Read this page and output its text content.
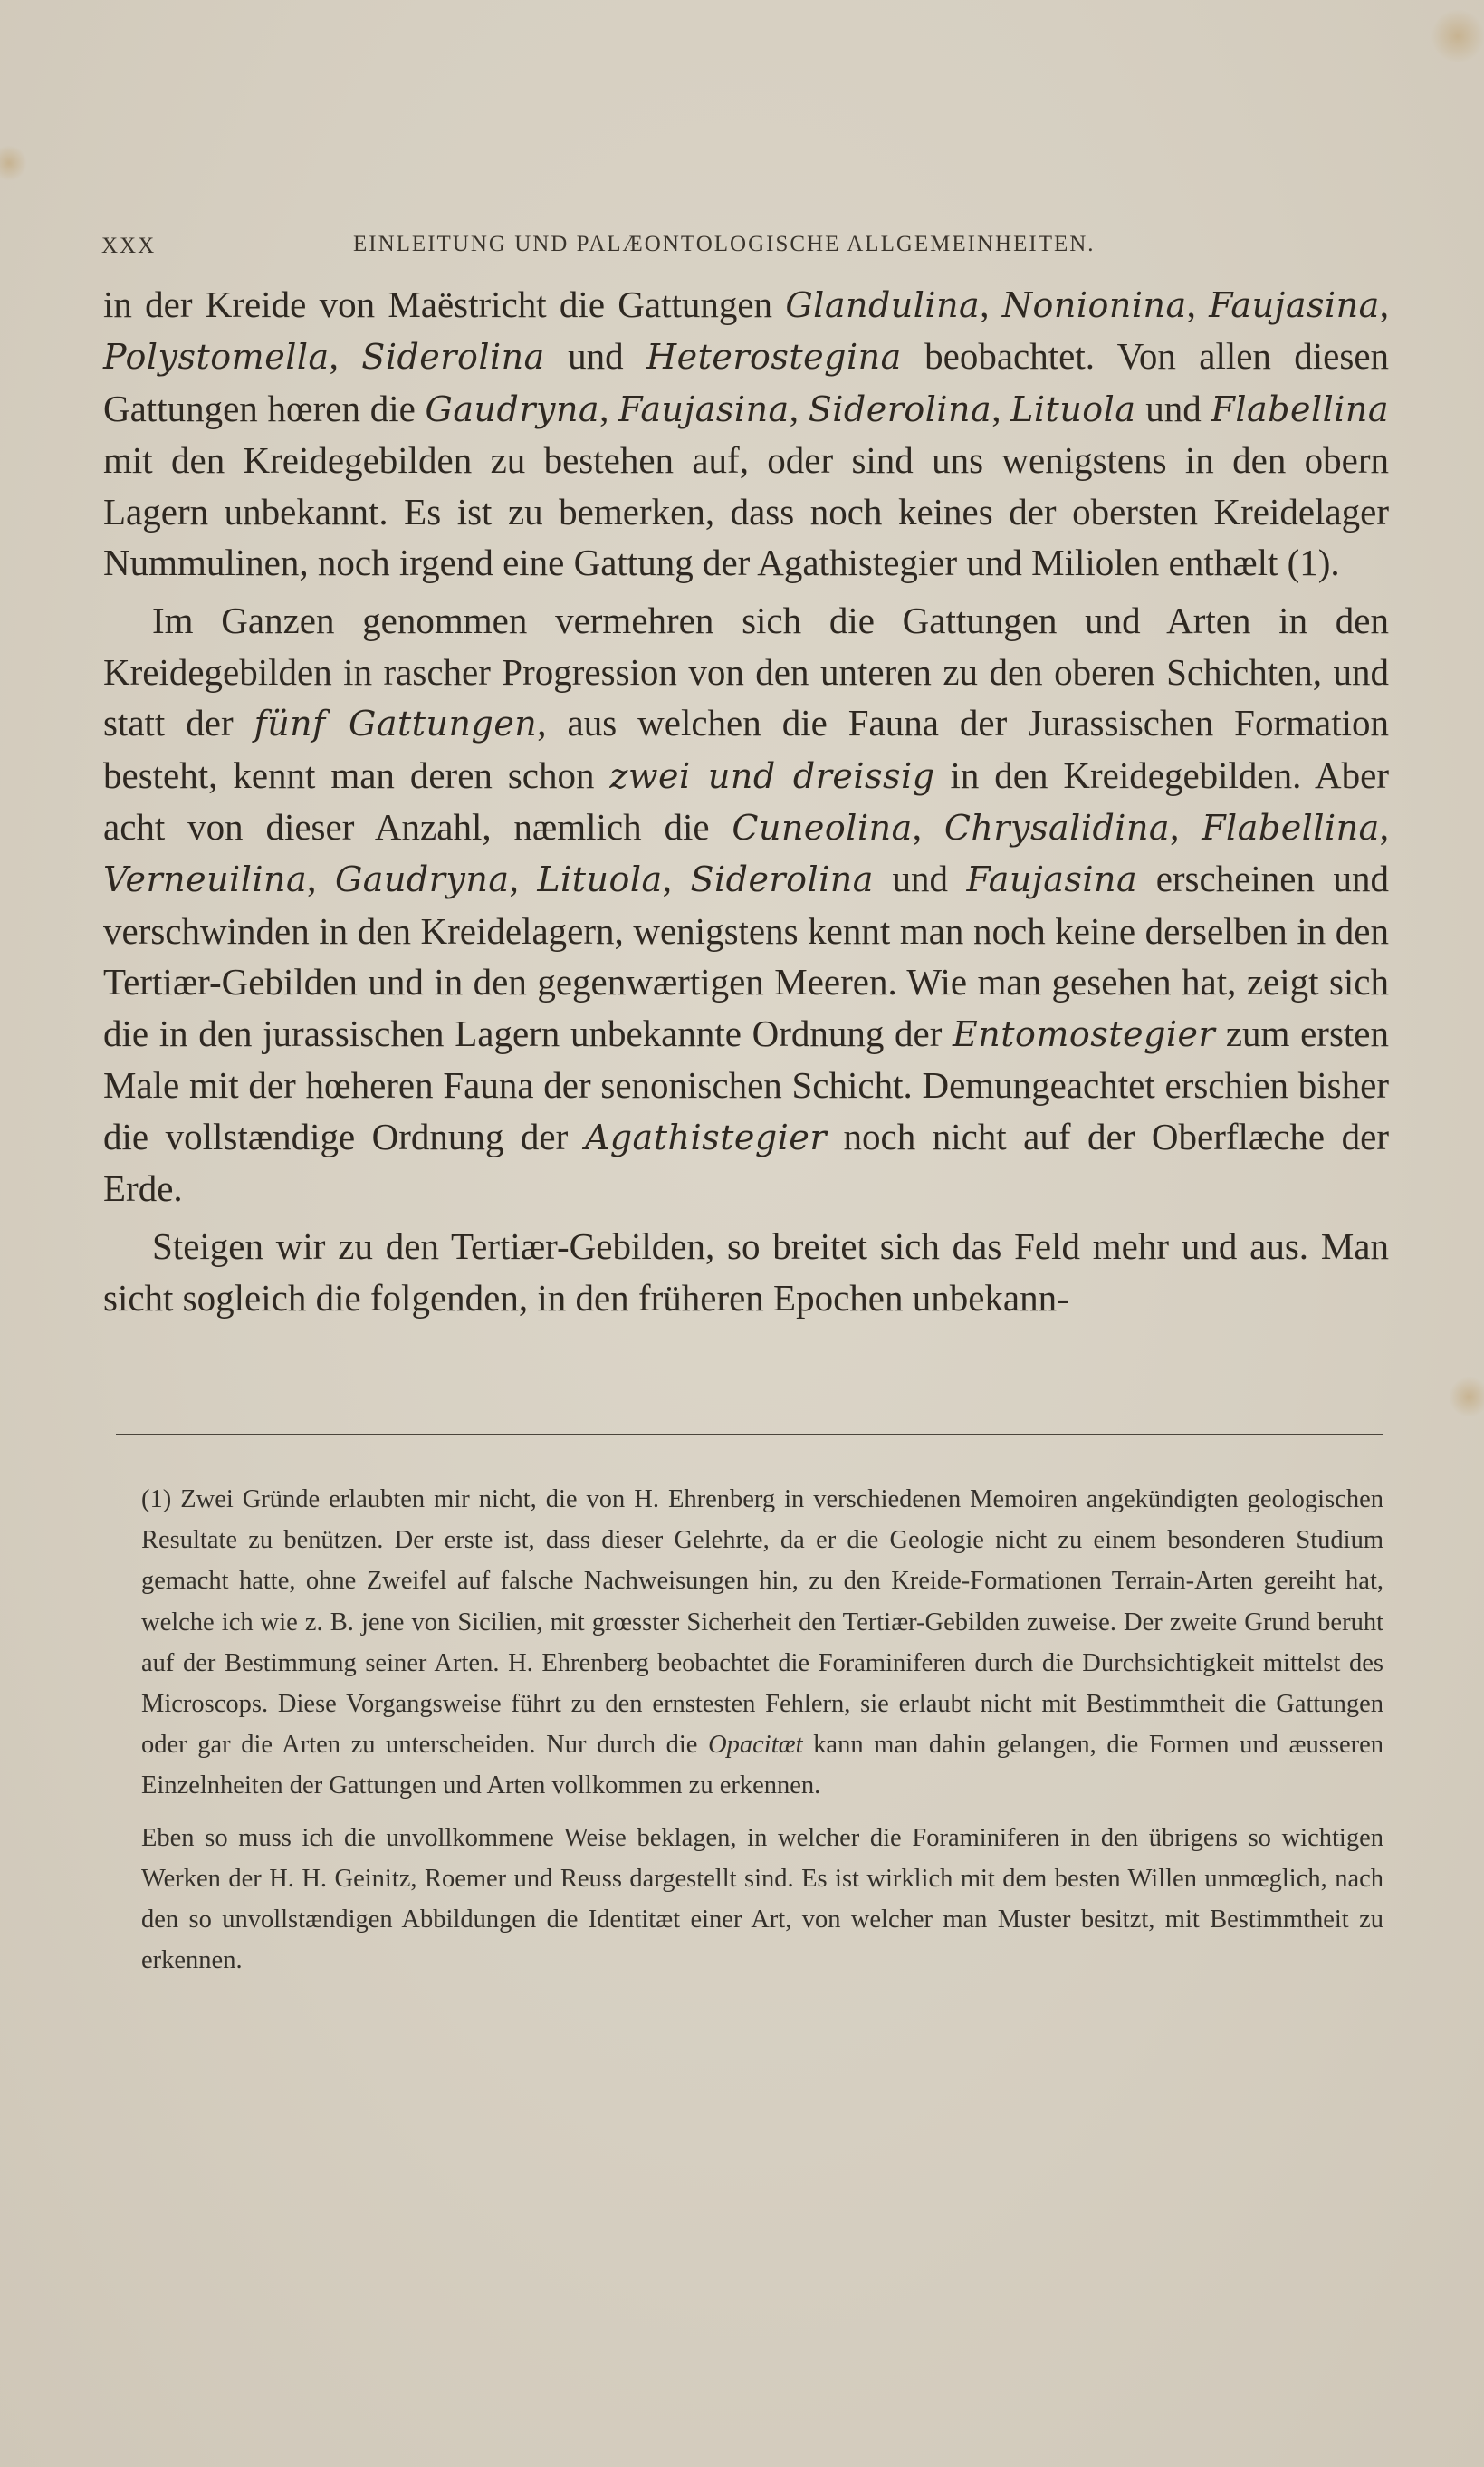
XXX	EINLEITUNG UND PALÆONTOLOGISCHE ALLGEMEINHEITEN.

in der Kreide von Maëstricht die Gattungen Glandulina, Nonionina, Faujasina, Polystomella, Siderolina und Heterostegina beobachtet. Von allen diesen Gattungen hœren die Gaudryna, Faujasina, Siderolina, Lituola und Flabellina mit den Kreidegebilden zu bestehen auf, oder sind uns wenigstens in den obern Lagern unbekannt. Es ist zu bemerken, dass noch keines der obersten Kreidelager Nummulinen, noch irgend eine Gattung der Agathistegier und Miliolen enthælt (1).

Im Ganzen genommen vermehren sich die Gattungen und Arten in den Kreidegebilden in rascher Progression von den unteren zu den oberen Schichten, und statt der fünf Gattungen, aus welchen die Fauna der Jurassischen Formation besteht, kennt man deren schon zwei und dreissig in den Kreidegebilden. Aber acht von dieser Anzahl, næmlich die Cuneolina, Chrysalidina, Flabellina, Verneuilina, Gaudryna, Lituola, Siderolina und Faujasina erscheinen und verschwinden in den Kreidelagern, wenigstens kennt man noch keine derselben in den Tertiær-Gebilden und in den gegenwærtigen Meeren. Wie man gesehen hat, zeigt sich die in den jurassischen Lagern unbekannte Ordnung der Entomostegier zum ersten Male mit der hœheren Fauna der senonischen Schicht. Demungeachtet erschien bisher die vollstændige Ordnung der Agathistegier noch nicht auf der Oberflæche der Erde.

Steigen wir zu den Tertiær-Gebilden, so breitet sich das Feld mehr und aus. Man sicht sogleich die folgenden, in den früheren Epochen unbekann-

(1) Zwei Gründe erlaubten mir nicht, die von H. Ehrenberg in verschiedenen Memoiren angekündigten geologischen Resultate zu benützen. Der erste ist, dass dieser Gelehrte, da er die Geologie nicht zu einem besonderen Studium gemacht hatte, ohne Zweifel auf falsche Nachweisungen hin, zu den Kreide-Formationen Terrain-Arten gereiht hat, welche ich wie z. B. jene von Sicilien, mit grœsster Sicherheit den Tertiær-Gebilden zuweise. Der zweite Grund beruht auf der Bestimmung seiner Arten. H. Ehrenberg beobachtet die Foraminiferen durch die Durchsichtigkeit mittelst des Microscops. Diese Vorgangsweise führt zu den ernstesten Fehlern, sie erlaubt nicht mit Bestimmtheit die Gattungen oder gar die Arten zu unterscheiden. Nur durch die Opacitæt kann man dahin gelangen, die Formen und æusseren Einzelnheiten der Gattungen und Arten vollkommen zu erkennen.

Eben so muss ich die unvollkommene Weise beklagen, in welcher die Foraminiferen in den übrigens so wichtigen Werken der H. H. Geinitz, Roemer und Reuss dargestellt sind. Es ist wirklich mit dem besten Willen unmœglich, nach den so unvollstændigen Abbildungen die Identitæt einer Art, von welcher man Muster besitzt, mit Bestimmtheit zu erkennen.
